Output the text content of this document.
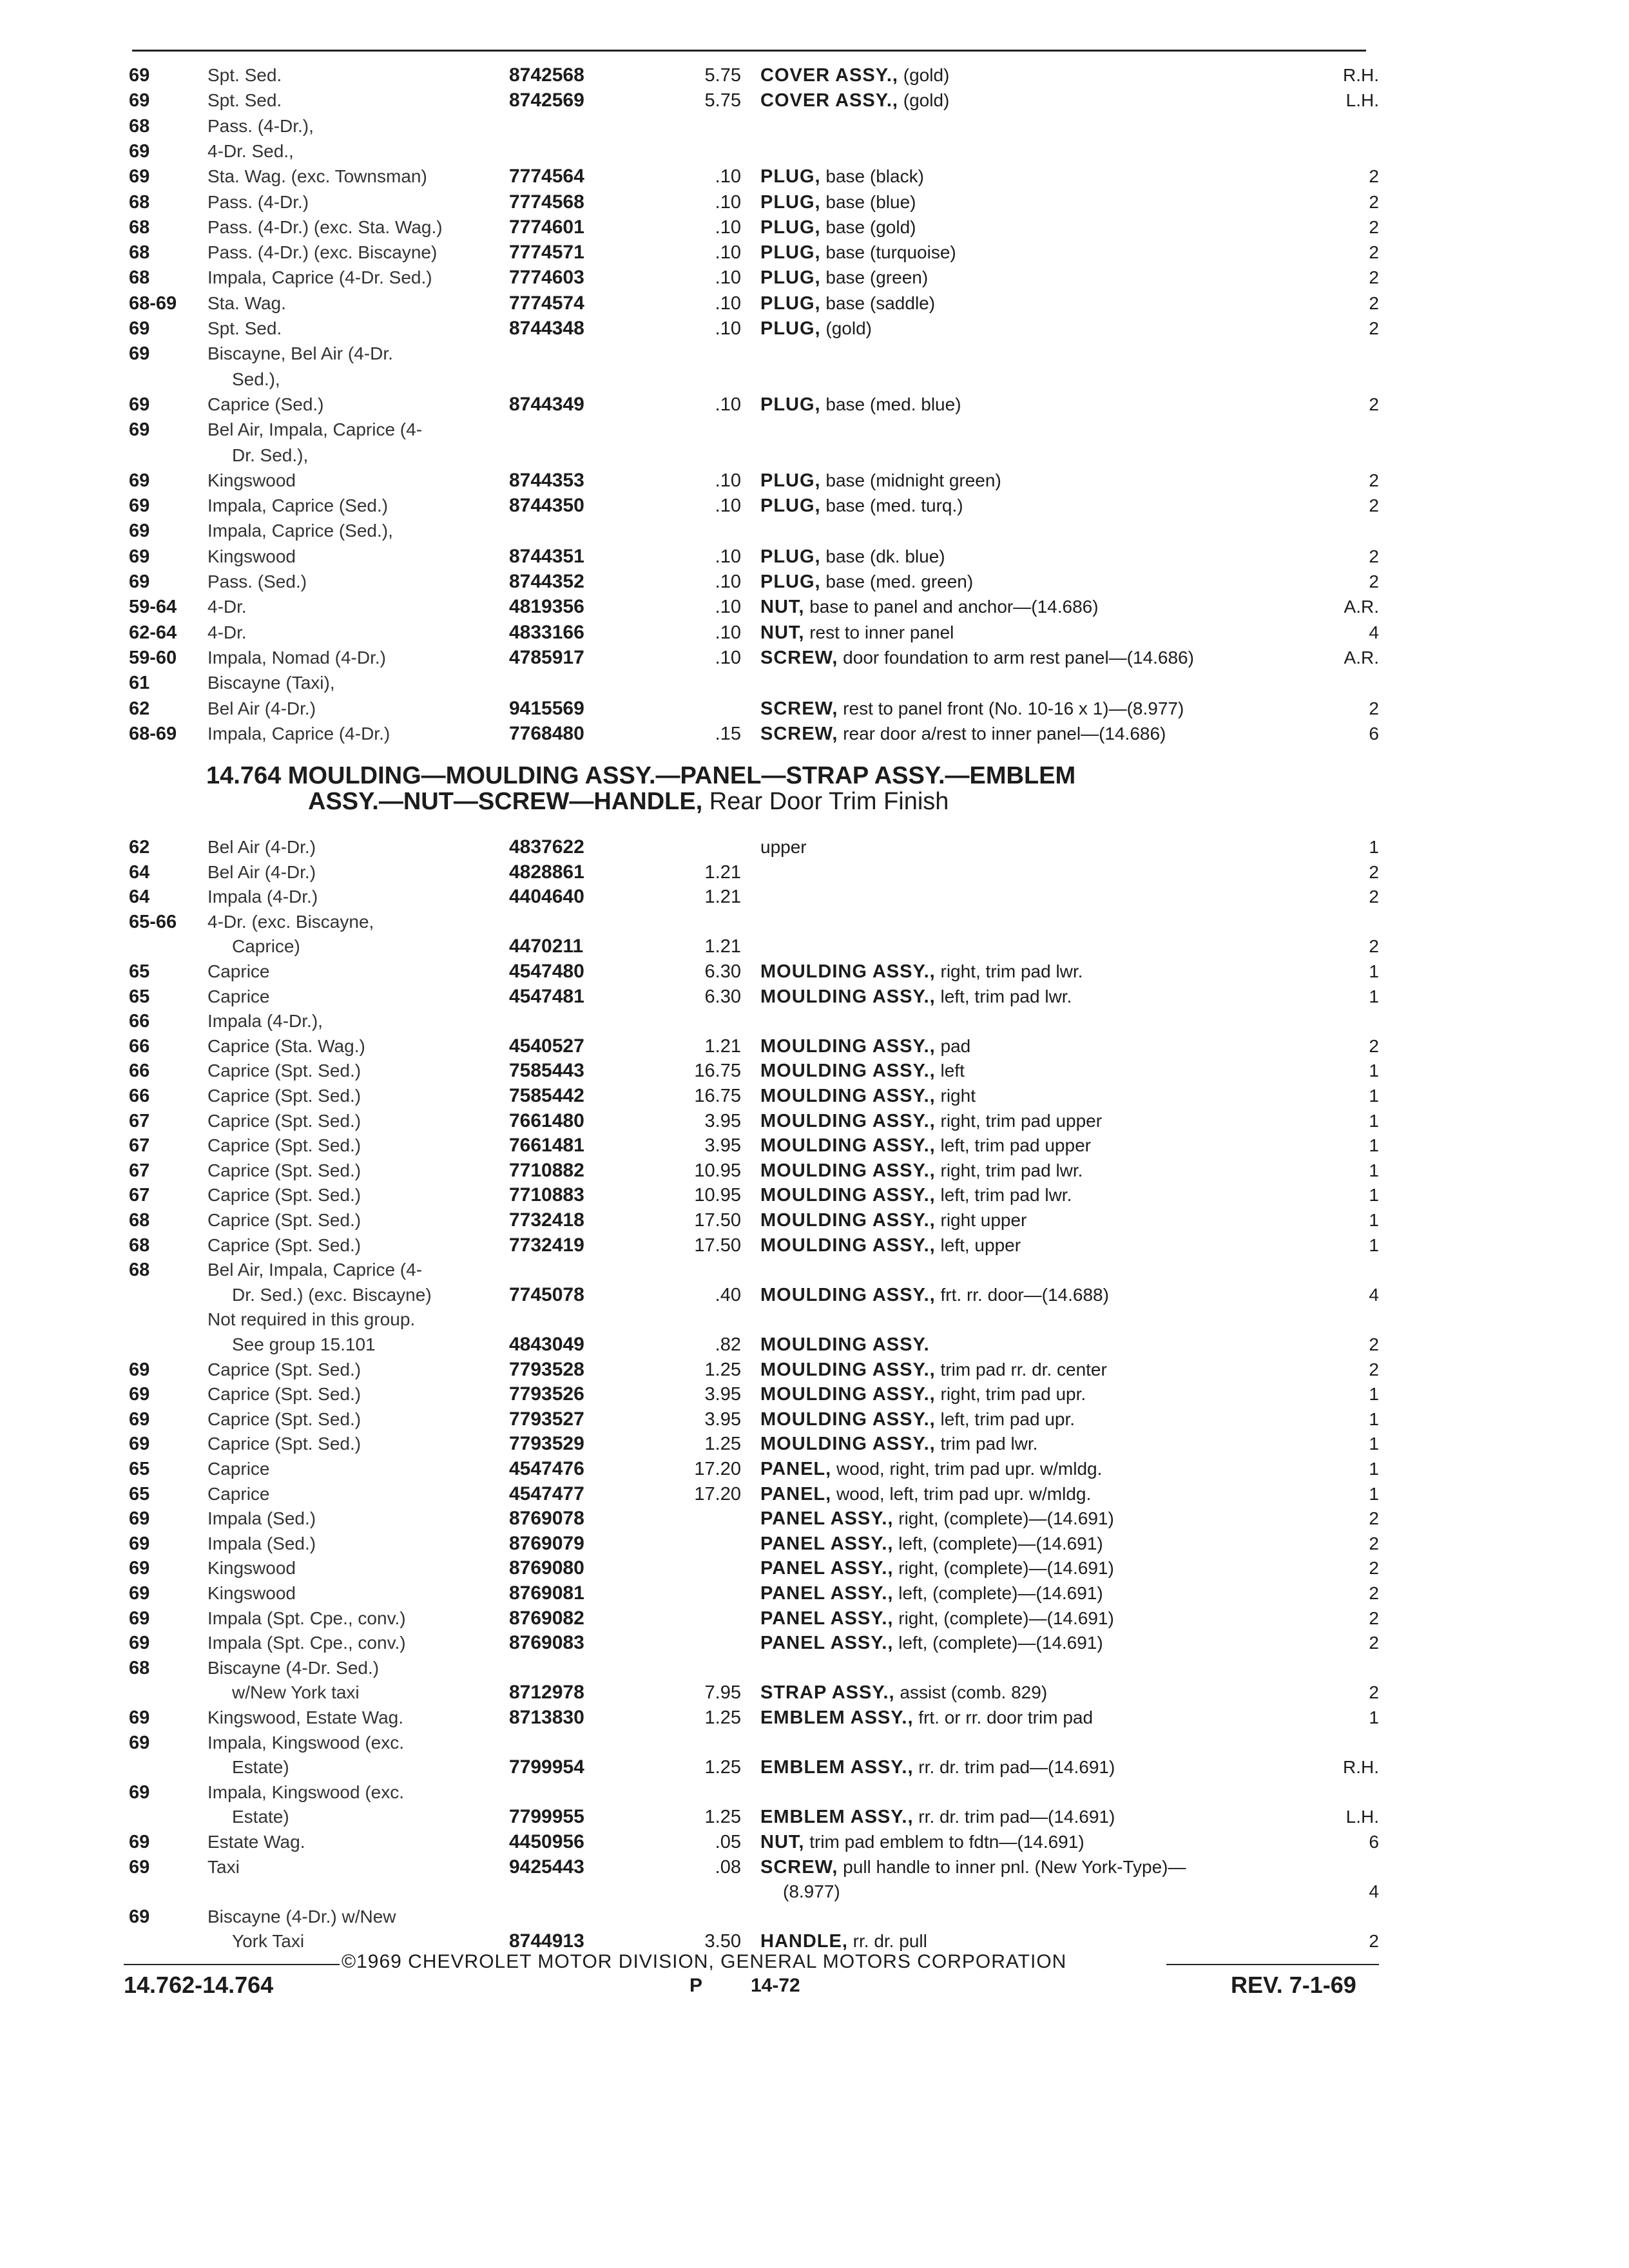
69	Spt. Sed.	8742568	5.75 COVER ASSY., (gold)	R.H.
69	Spt. Sed.	8742569	5.75 COVER ASSY., (gold)	L.H.
68	Pass. (4-Dr.),
69	4-Dr. Sed.,
69	Sta. Wag. (exc. Townsman)	7774564	.10 PLUG, base (black)	2
68	Pass. (4-Dr.)	7774568	.10 PLUG, base (blue)	2
68	Pass. (4-Dr.) (exc. Sta. Wag.)	7774601	.10 PLUG, base (gold)	2
68	Pass. (4-Dr.) (exc. Biscayne)	7774571	.10 PLUG, base (turquoise)	2
68	Impala, Caprice (4-Dr. Sed.)	7774603	.10 PLUG, base (green)	2
68-69 Sta. Wag.	7774574	.10 PLUG, base (saddle)	2
69	Spt. Sed.	8744348	.10 PLUG, (gold)	2
69	Biscayne, Bel Air (4-Dr.
Sed.),
69	Caprice (Sed.)	8744349	.10 PLUG, base (med. blue)	2
69	Bel Air, Impala, Caprice (4-
Dr. Sed.),
69	Kingswood	8744353	.10 PLUG, base (midnight green)	2
69	Impala, Caprice (Sed.)	8744350	.10 PLUG, base (med. turq.)	2
69	Impala, Caprice (Sed.),
69	Kingswood	8744351	.10 PLUG, base (dk. blue)	2
69	Pass. (Sed.)	8744352	.10 PLUG, base (med. green)	2
59-64 4-Dr.	4819356	.10 NUT, base to panel and anchor—(14.686)	A.R.
62-64 4-Dr.	4833166	.10 NUT, rest to inner panel	4
59-60 Impala, Nomad (4-Dr.)	4785917	.10 SCREW, door foundation to arm rest panel—(14.686)	A.R.
61	Biscayne (Taxi),
62	Bel Air (4-Dr.)	9415569	SCREW, rest to panel front (No. 10-16 x 1)—(8.977)	2
68-69 Impala, Caprice (4-Dr.)	7768480	.15 SCREW, rear door a/rest to inner panel—(14.686)	6
14.764 MOULDING—MOULDING ASSY.—PANEL—STRAP ASSY.—EMBLEM
ASSY.—NUT—SCREW—HANDLE, Rear Door Trim Finish
62	Bel Air (4-Dr.)	4837622	upper	1
64	Bel Air (4-Dr.)	4828861	1.21	2
64	Impala (4-Dr.)	4404640	1.21	2
65-66 4-Dr. (exc. Biscayne,
Caprice)	4470211	1.21	2
65	Caprice	4547480	6.30 MOULDING ASSY., right, trim pad lwr.	1
65	Caprice	4547481	6.30 MOULDING ASSY., left, trim pad lwr.	1
66	Impala (4-Dr.),
66	Caprice (Sta. Wag.)	4540527	1.21 MOULDING ASSY., pad	2
66	Caprice (Spt. Sed.)	7585443	16.75 MOULDING ASSY., left	1
66	Caprice (Spt. Sed.)	7585442	16.75 MOULDING ASSY., right	1
67	Caprice (Spt. Sed.)	7661480	3.95 MOULDING ASSY., right, trim pad upper	1
67	Caprice (Spt. Sed.)	7661481	3.95 MOULDING ASSY., left, trim pad upper	1
67	Caprice (Spt. Sed.)	7710882	10.95 MOULDING ASSY., right, trim pad lwr.	1
67	Caprice (Spt. Sed.)	7710883	10.95 MOULDING ASSY., left, trim pad lwr.	1
68	Caprice (Spt. Sed.)	7732418	17.50 MOULDING ASSY., right upper	1
68	Caprice (Spt. Sed.)	7732419	17.50 MOULDING ASSY., left, upper	1
68	Bel Air, Impala, Caprice (4-
Dr. Sed.) (exc. Biscayne)	7745078	.40 MOULDING ASSY., frt. rr. door—(14.688)	4
Not required in this group.
See group 15.101	4843049	.82 MOULDING ASSY.	2
69	Caprice (Spt. Sed.)	7793528	1.25 MOULDING ASSY., trim pad rr. dr. center	2
69	Caprice (Spt. Sed.)	7793526	3.95 MOULDING ASSY., right, trim pad upr.	1
69	Caprice (Spt. Sed.)	7793527	3.95 MOULDING ASSY., left, trim pad upr.	1
69	Caprice (Spt. Sed.)	7793529	1.25 MOULDING ASSY., trim pad lwr.	1
65	Caprice	4547476	17.20 PANEL, wood, right, trim pad upr. w/mldg.	1
65	Caprice	4547477	17.20 PANEL, wood, left, trim pad upr. w/mldg.	1
69	Impala (Sed.)	8769078	PANEL ASSY., right, (complete)—(14.691)	2
69	Impala (Sed.)	8769079	PANEL ASSY., left, (complete)—(14.691)	2
69	Kingswood	8769080	PANEL ASSY., right, (complete)—(14.691)	2
69	Kingswood	8769081	PANEL ASSY., left, (complete)—(14.691)	2
69	Impala (Spt. Cpe., conv.)	8769082	PANEL ASSY., right, (complete)—(14.691)	2
69	Impala (Spt. Cpe., conv.)	8769083	PANEL ASSY., left, (complete)—(14.691)	2
68	Biscayne (4-Dr. Sed.)
w/New York taxi	8712978	7.95 STRAP ASSY., assist (comb. 829)	2
69	Kingswood, Estate Wag.	8713830	1.25 EMBLEM ASSY., frt. or rr. door trim pad	1
69	Impala, Kingswood (exc.
Estate)	7799954	1.25 EMBLEM ASSY., rr. dr. trim pad—(14.691)	R.H.
69	Impala, Kingswood (exc.
Estate)	7799955	1.25 EMBLEM ASSY., rr. dr. trim pad—(14.691)	L.H.
69	Estate Wag.	4450956	.05 NUT, trim pad emblem to fdtn—(14.691)	6
69	Taxi	9425443	.08 SCREW, pull handle to inner pnl. (New York-Type)—
(8.977)	4
69	Biscayne (4-Dr.) w/New
York Taxi	8744913	3.50 HANDLE, rr. dr. pull	2
©1969 CHEVROLET MOTOR DIVISION, GENERAL MOTORS CORPORATION
14.762-14.764	P 14-72	REV. 7-1-69
